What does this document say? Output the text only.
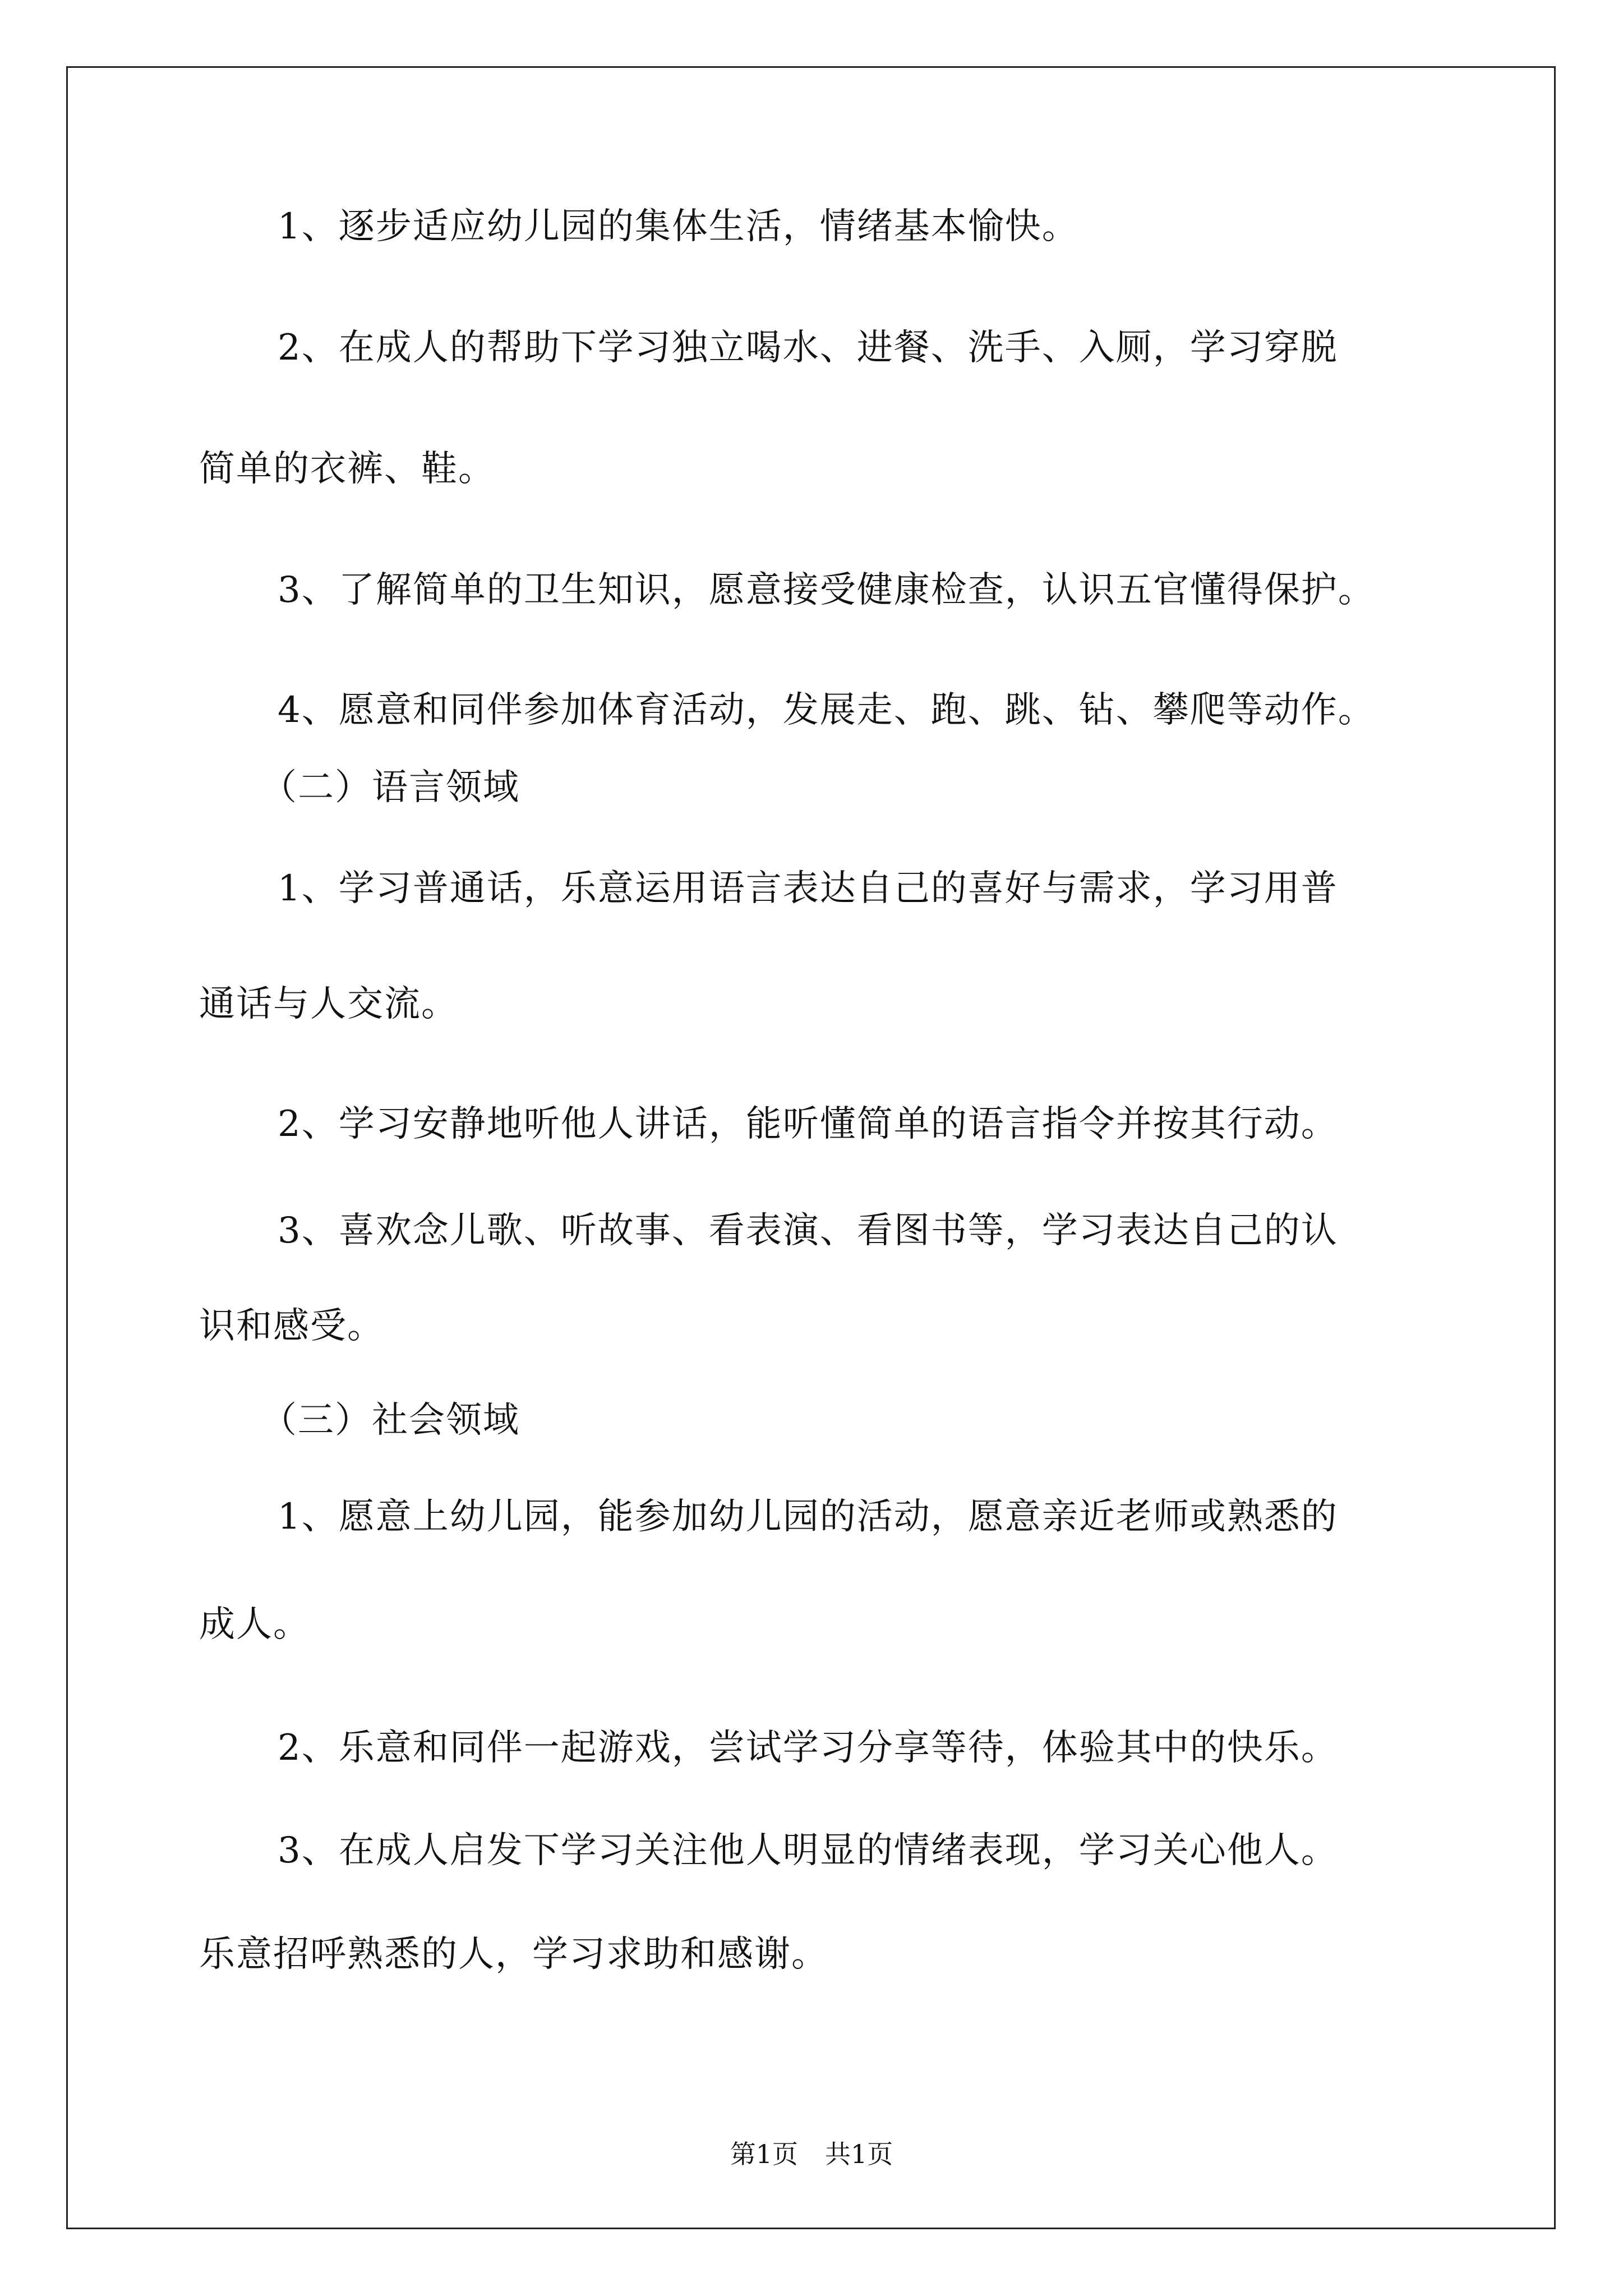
1、逐步适应幼儿园的集体生活，情绪基本愉快。
2、在成人的帮助下学习独立喝水、进餐、洗手、入厕，学习穿脱
简单的衣裤、鞋。
3、了解简单的卫生知识，愿意接受健康检查，认识五官懂得保护。
4、愿意和同伴参加体育活动，发展走、跑、跳、钻、攀爬等动作。
（二）语言领域
1、学习普通话，乐意运用语言表达自己的喜好与需求，学习用普
通话与人交流。
2、学习安静地听他人讲话，能听懂简单的语言指令并按其行动。
3、喜欢念儿歌、听故事、看表演、看图书等，学习表达自己的认
识和感受。
（三）社会领域
1、愿意上幼儿园，能参加幼儿园的活动，愿意亲近老师或熟悉的
成人。
2、乐意和同伴一起游戏，尝试学习分享等待，体验其中的快乐。
3、在成人启发下学习关注他人明显的情绪表现，学习关心他人。
乐意招呼熟悉的人，学习求助和感谢。
第1页 共1页
